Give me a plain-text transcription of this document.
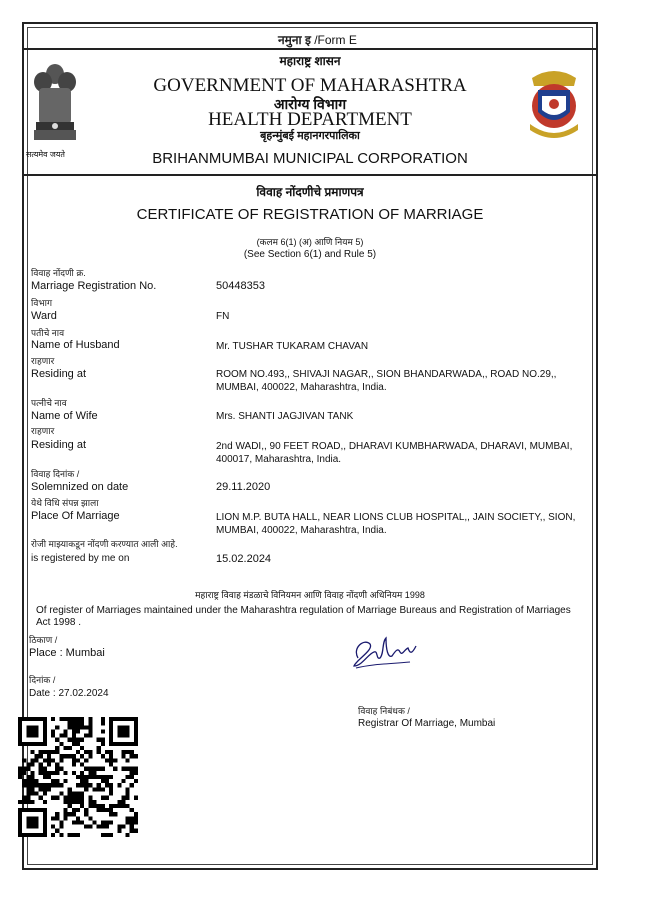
नमुना इ /Form E
महाराष्ट्र शासन
GOVERNMENT OF MAHARASHTRA
आरोग्य विभाग
HEALTH DEPARTMENT
बृहन्मुंबई महानगरपालिका
BRIHANMUMBAI MUNICIPAL CORPORATION
सत्यमेव जयते
विवाह नोंदणीचे प्रमाणपत्र
CERTIFICATE OF REGISTRATION OF MARRIAGE
(कलम 6(1) (अ) आणि नियम 5)
(See Section 6(1) and Rule 5)
विवाह नोंदणी क्र.
Marriage Registration No.	50448353
विभाग
Ward	FN
पतीचे नाव
Name of Husband	Mr. TUSHAR TUKARAM CHAVAN
राहणार
Residing at	ROOM NO.493,, SHIVAJI NAGAR,, SION BHANDARWADA,, ROAD NO.29,, MUMBAI, 400022, Maharashtra, India.
पत्नीचे नाव
Name of Wife	Mrs. SHANTI JAGJIVAN TANK
राहणार
Residing at	2nd WADI,, 90 FEET ROAD,, DHARAVI KUMBHARWADA, DHARAVI, MUMBAI, 400017, Maharashtra, India.
विवाह दिनांक /
Solemnized on date	29.11.2020
येथे विधि संपन्न झाला
Place Of Marriage	LION M.P. BUTA HALL, NEAR LIONS CLUB HOSPITAL,, JAIN SOCIETY,, SION, MUMBAI, 400022, Maharashtra, India.
रोजी माझ्याकडून नोंदणी करण्यात आली आहे.
is registered by me on	15.02.2024
महाराष्ट्र विवाह मंडळाचे विनियमन आणि विवाह नोंदणी अधिनियम 1998
Of register of Marriages maintained under the Maharashtra regulation of Marriage Bureaus and Registration of Marriages Act 1998 .
ठिकाण /
Place : Mumbai
दिनांक /
Date : 27.02.2024
विवाह निबंधक /
Registrar Of Marriage, Mumbai
